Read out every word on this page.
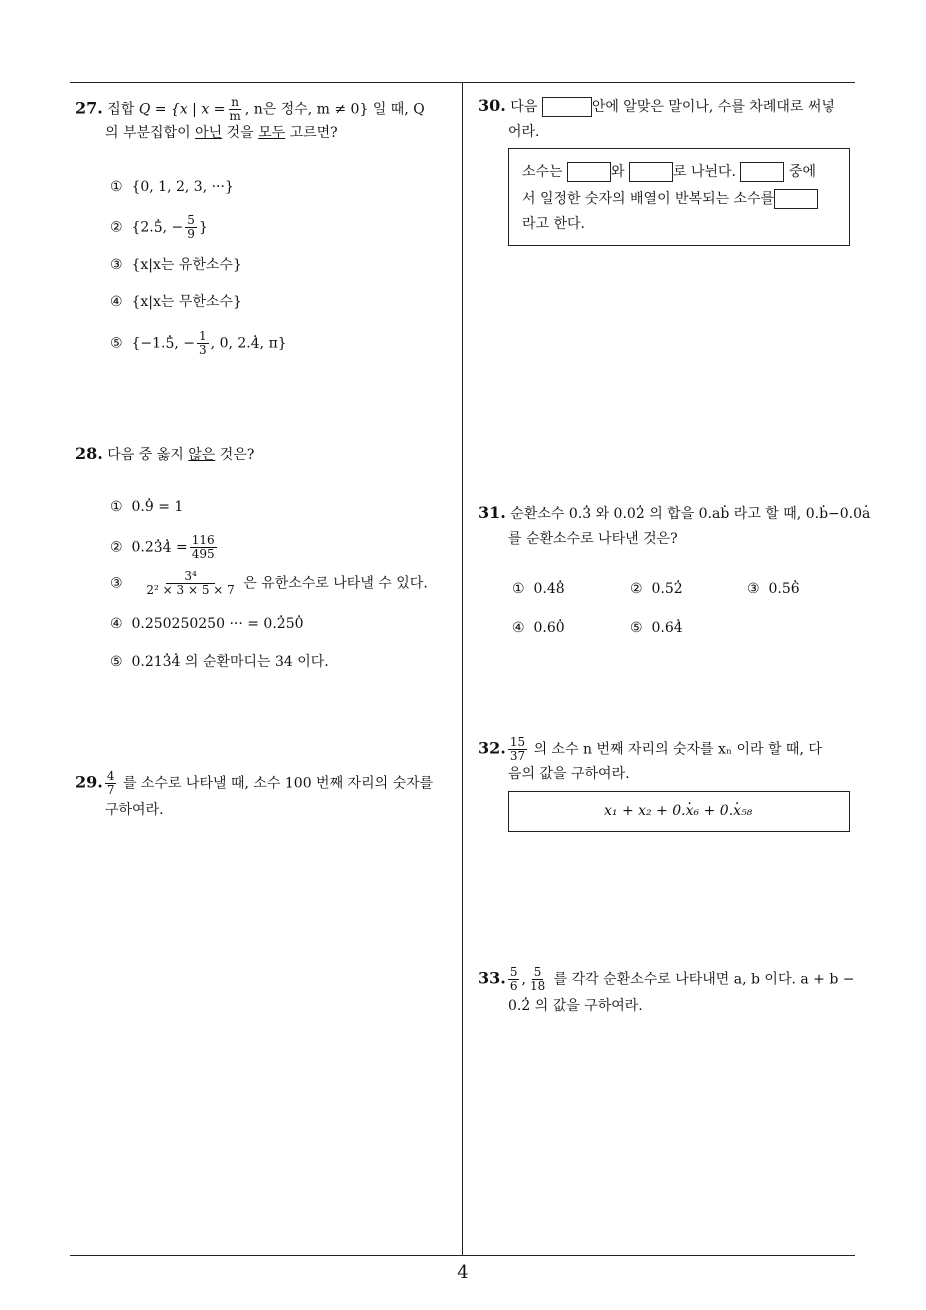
27. 집합 Q = {x | $x = \frac{n}{m}$ , n은 정수, m ≠ 0} 일 때, Q
의 부분집합이 아닌 것을 모두 고르면?
① {0, 1, 2, 3, ···}
② {2.5 ·, − $\frac{5}{9}$ }
③ {x|x는 유한소수}
④ {x|x는 무한소수}
⑤ {−1.5 ·, − $\frac{1}{3}$ , 0, 2.4 ·, π}
28. 다음 중 옳지 않은 것은?
① 0.9 · = 1
② 0.23 ·4 · = $\frac{116}{495}$
③ $\frac{\text{3⁴}}{\text{2² × 3 × 5 × 7}}$ 은 유한소수로 나타낼 수 있다.
④ 0.250250250 ··· = 0.2 ·50 ·
⑤ 0.213 ·4 · 의 순환마디는 34 이다.
29. $\frac{4}{7}$ 를 소수로 나타낼 때, 소수 100 번째 자리의 숫자를
구하여라.
30. 다음	안에 알맞은 말이나, 수를 차례대로 써넣
어라.
소수는	와	로 나뉜다.	중에
서 일정한 숫자의 배열이 반복되는 소수를
라고 한다.
31. 순환소수 0.3 · 와 0.02 · 의 합을 0.ab · 라고 할 때, 0.b ·−0.0a ·
를 순환소수로 나타낸 것은?
① 0.48 ·	② 0.52 ·	③ 0.56 ·
④ 0.60 ·	⑤ 0.64 ·
32. $\frac{15}{37}$ 의 소수 n 번째 자리의 숫자를 xₙ 이라 할 때, 다
음의 값을 구하여라.
x₁ + x₂ + 0.x ·₆ + 0.x ·₅₈
33. $\frac{5}{6}$ , $\frac{5}{18}$ 를 각각 순환소수로 나타내면 a, b 이다. a + b −
0.2 · 의 값을 구하여라.
4
